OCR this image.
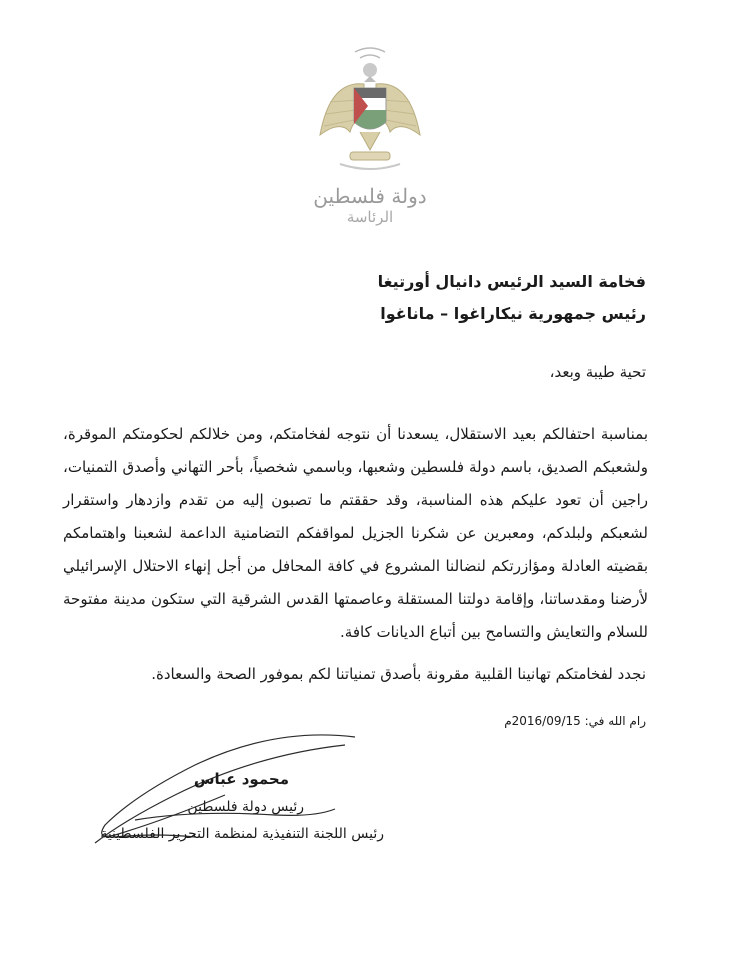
دولة فلسطين
الرئاسة
فخامة السيد الرئيس دانيال أورتيغا
رئيس جمهورية نيكاراغوا – ماناغوا
تحية طيبة وبعد،
بمناسبة احتفالكم بعيد الاستقلال، يسعدنا أن نتوجه لفخامتكم، ومن خلالكم لحكومتكم الموقرة، ولشعبكم الصديق، باسم دولة فلسطين وشعبها، وباسمي شخصياً، بأحر التهاني وأصدق التمنيات، راجين أن تعود عليكم هذه المناسبة، وقد حققتم ما تصبون إليه من تقدم وازدهار واستقرار لشعبكم ولبلدكم، ومعبرين عن شكرنا الجزيل لمواقفكم التضامنية الداعمة لشعبنا واهتمامكم بقضيته العادلة ومؤازرتكم لنضالنا المشروع في كافة المحافل من أجل إنهاء الاحتلال الإسرائيلي لأرضنا ومقدساتنا، وإقامة دولتنا المستقلة وعاصمتها القدس الشرقية التي ستكون مدينة مفتوحة للسلام والتعايش والتسامح بين أتباع الديانات كافة.
نجدد لفخامتكم تهانينا القلبية مقرونة بأصدق تمنياتنا لكم بموفور الصحة والسعادة.
رام الله في: 2016/09/15م
محمود عباس
رئيس دولة فلسطين
رئيس اللجنة التنفيذية لمنظمة التحرير الفلسطينية
